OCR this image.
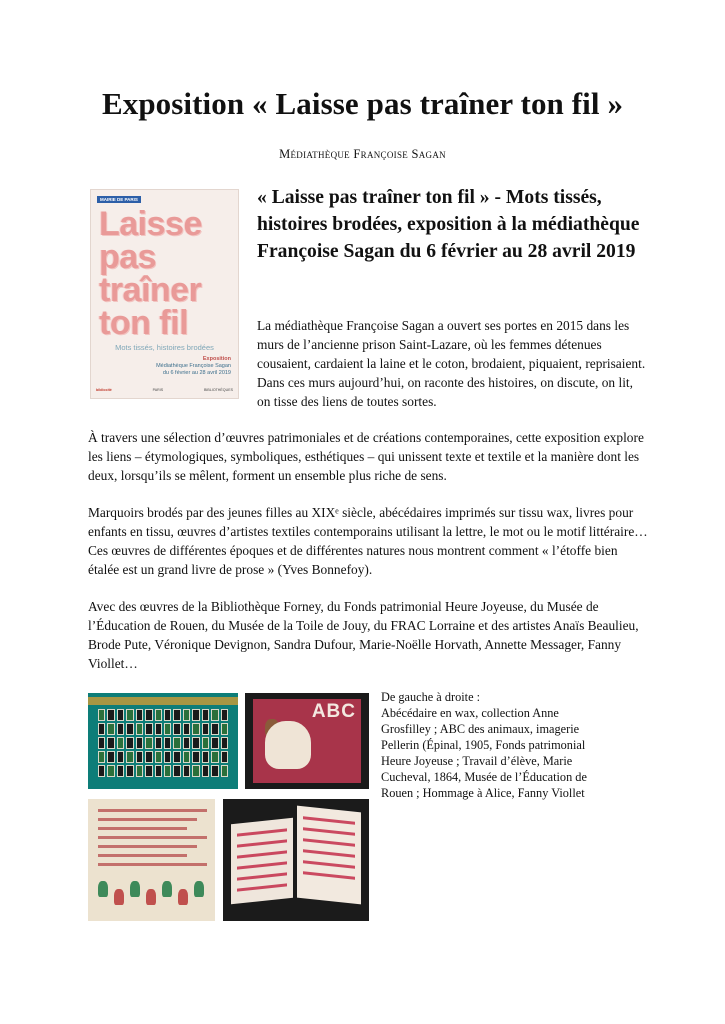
Exposition « Laisse pas traîner ton fil »
Médiathèque Françoise Sagan
MAIRIE DE PARIS
Laisse
pas
traîner
ton fil
Mots tissés, histoires brodées
Exposition
Médiathèque Françoise Sagan
du 6 février au 28 avril 2019
bibliocité	PARIS	BIBLIOTHÈQUES
« Laisse pas traîner ton fil » - Mots tissés, histoires brodées, exposition à la médiathèque Françoise Sagan du 6 février au 28 avril 2019

La médiathèque Françoise Sagan a ouvert ses portes en 2015 dans les murs de l’ancienne prison Saint-Lazare, où les femmes détenues cousaient, cardaient la laine et le coton, brodaient, piquaient, reprisaient. Dans ces murs aujourd’hui, on raconte des histoires, on discute, on lit, on tisse des liens de toutes sortes.

À travers une sélection d’œuvres patrimoniales et de créations contemporaines, cette exposition explore les liens – étymologiques, symboliques, esthétiques – qui unissent texte et textile et la manière dont les deux, lorsqu’ils se mêlent, forment un ensemble plus riche de sens.

Marquoirs brodés par des jeunes filles au XIXᵉ siècle, abécédaires imprimés sur tissu wax, livres pour enfants en tissu, œuvres d’artistes textiles contemporains utilisant la lettre, le mot ou le motif littéraire… Ces œuvres de différentes époques et de différentes natures nous montrent comment « l’étoffe bien étalée est un grand livre de prose » (Yves Bonnefoy).

Avec des œuvres de la Bibliothèque Forney, du Fonds patrimonial Heure Joyeuse, du Musée de l’Éducation de Rouen, du Musée de la Toile de Jouy, du FRAC Lorraine et des artistes Anaïs Beaulieu, Brode Pute, Véronique Devignon, Sandra Dufour, Marie-Noëlle Horvath, Annette Messager, Fanny Viollet…

ABC

De gauche à droite :
Abécédaire en wax, collection Anne Grosfilley ; ABC des animaux, imagerie Pellerin (Épinal, 1905, Fonds patrimonial Heure Joyeuse ; Travail d’élève, Marie Cucheval, 1864, Musée de l’Éducation de Rouen ; Hommage à Alice, Fanny Viollet
